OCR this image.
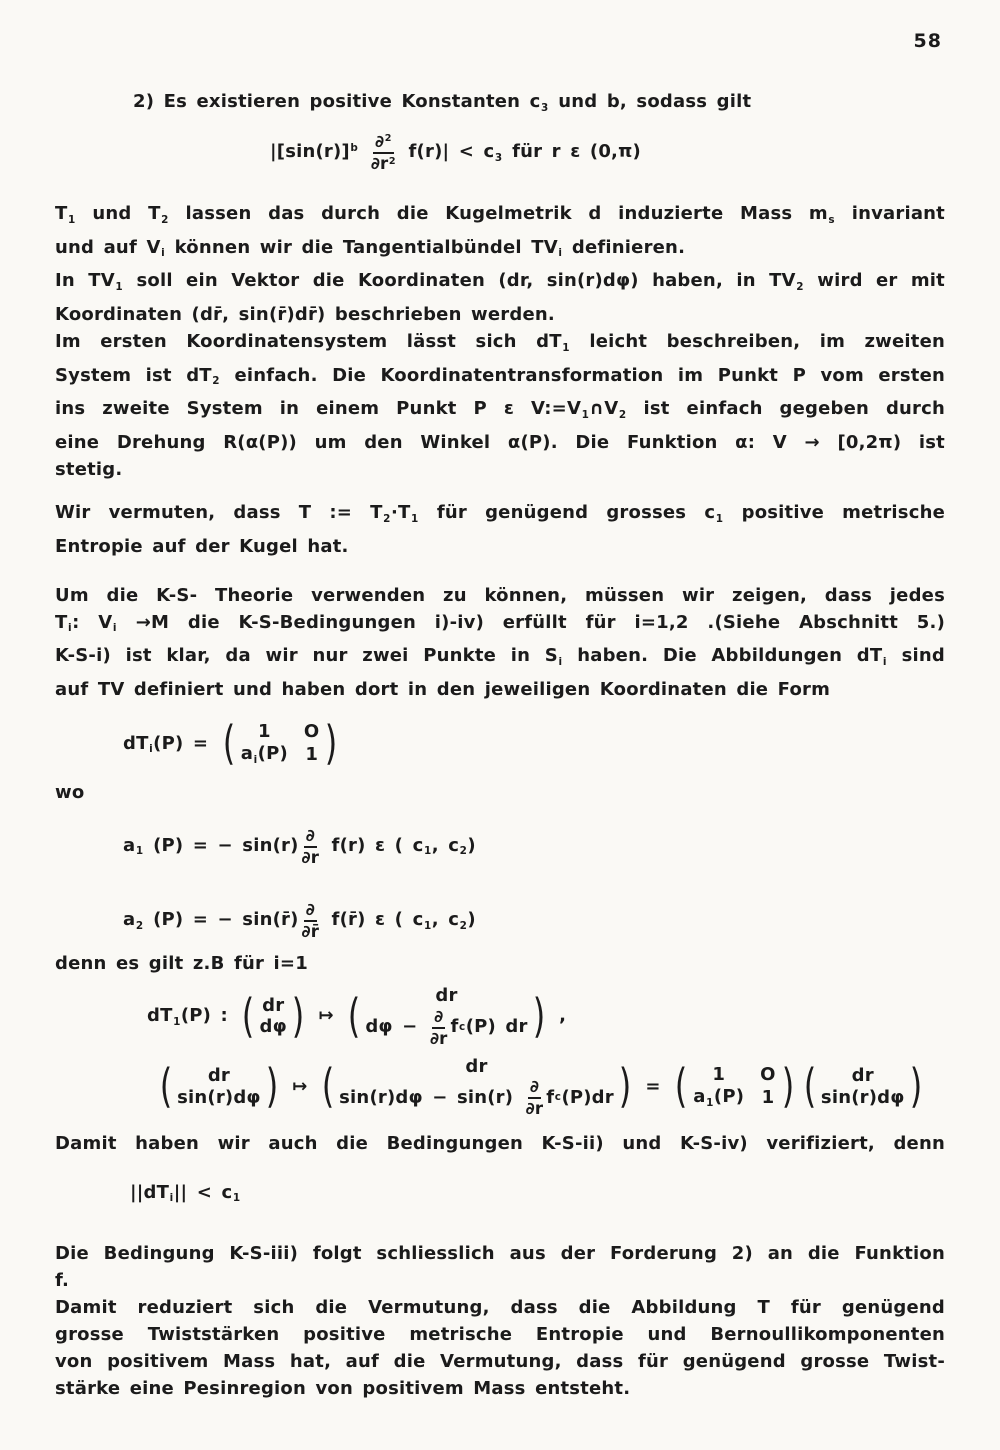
58
2) Es existieren positive Konstanten $c_3$ und b, sodass gilt
$|[\sin(r)]^b \frac{\partial^2}{\partial r^2} f(r)| < c_3$ für r ε (0,π)
$T_1$ und $T_2$ lassen das durch die Kugelmetrik d induzierte Mass $m_s$ invariant
und auf $V_i$ können wir die Tangentialbündel $TV_i$ definieren.
In $TV_1$ soll ein Vektor die Koordinaten (dr, sin(r)dφ) haben, in $TV_2$ wird er mit
Koordinaten (dr̄, sin(r̄)dr̄) beschrieben werden.
Im ersten Koordinatensystem lässt sich $dT_1$ leicht beschreiben, im zweiten
System ist $dT_2$ einfach. Die Koordinatentransformation im Punkt P vom ersten
ins zweite System in einem Punkt P ε $V:=V_1\cap V_2$ ist einfach gegeben durch
eine Drehung R(α(P)) um den Winkel α(P). Die Funktion α: V → [0,2π) ist
stetig.
Wir vermuten, dass T := $T_2\cdot T_1$ für genügend grosses $c_1$ positive metrische
Entropie auf der Kugel hat.
Um die K-S- Theorie verwenden zu können, müssen wir zeigen, dass jedes
$T_i$: $V_i \to M$ die K-S-Bedingungen i)-iv) erfüllt für i=1,2 .(Siehe Abschnitt 5.)
K-S-i) ist klar, da wir nur zwei Punkte in $S_i$ haben. Die Abbildungen $dT_i$ sind
auf TV definiert und haben dort in den jeweiligen Koordinaten die Form
$dT_i(P)$ = ( 1 O
$a_i(P)$ 1 )
wo
$a_1$ (P) = − $\sin(r) \frac{\partial}{\partial r} f(r)$ ε ( $c_1$, $c_2$)
$a_2$ (P) = − sin(r̄) $\frac{\partial}{\partial r̄}$ f(r̄) ε ( $c_1$, $c_2$)
denn es gilt z.B für i=1
$dT_1(P)$ : ( dr
dφ ) ↦ (	dr
$d\varphi - \frac{\partial}{\partial r}$ f c (P) dr ) ,
( dr
sin(r)dφ ) ↦ (	dr
$\sin(r)d\varphi - \sin(r) \frac{\partial}{\partial r}$ f c (P)dr ) = ( 1 O
$a_1(P)$ 1 ) ( dr
sin(r)dφ )
Damit haben wir auch die Bedingungen K-S-ii) und K-S-iv) verifiziert, denn
$||dT_i|| < c_1$
Die Bedingung K-S-iii) folgt schliesslich aus der Forderung 2) an die Funktion
f.
Damit reduziert sich die Vermutung, dass die Abbildung T für genügend
grosse Twiststärken positive metrische Entropie und Bernoullikomponenten
von positivem Mass hat, auf die Vermutung, dass für genügend grosse Twist-
stärke eine Pesinregion von positivem Mass entsteht.
